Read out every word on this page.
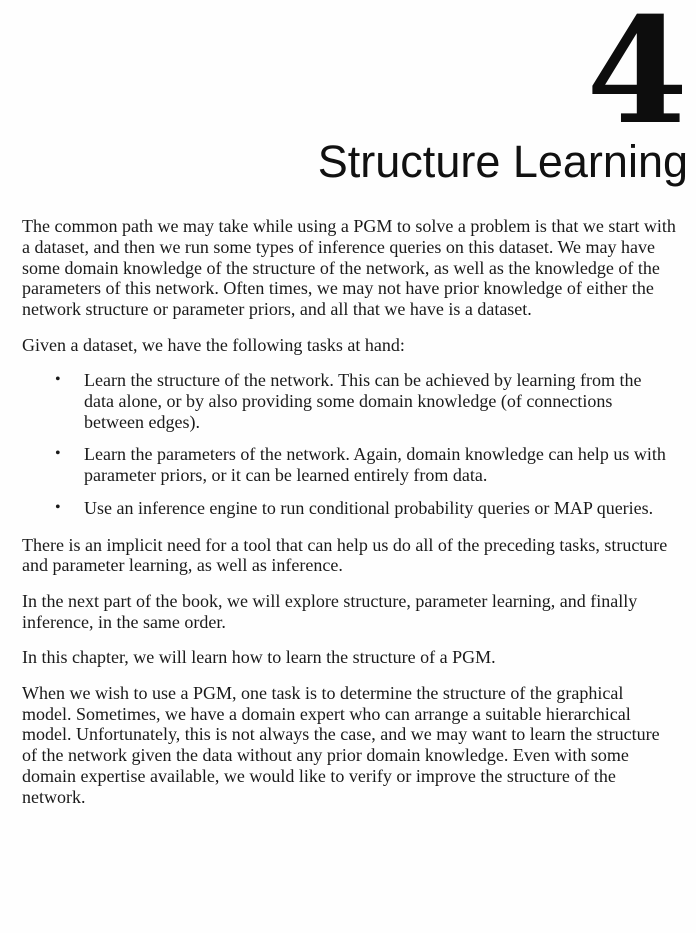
4
Structure Learning

The common path we may take while using a PGM to solve a problem is that we start with a dataset, and then we run some types of inference queries on this dataset. We may have some domain knowledge of the structure of the network, as well as the knowledge of the parameters of this network. Often times, we may not have prior knowledge of either the network structure or parameter priors, and all that we have is a dataset.

Given a dataset, we have the following tasks at hand:

•	Learn the structure of the network. This can be achieved by learning from the data alone, or by also providing some domain knowledge (of connections between edges).
•	Learn the parameters of the network. Again, domain knowledge can help us with parameter priors, or it can be learned entirely from data.
•	Use an inference engine to run conditional probability queries or MAP queries.

There is an implicit need for a tool that can help us do all of the preceding tasks, structure and parameter learning, as well as inference.

In the next part of the book, we will explore structure, parameter learning, and finally inference, in the same order.

In this chapter, we will learn how to learn the structure of a PGM.

When we wish to use a PGM, one task is to determine the structure of the graphical model. Sometimes, we have a domain expert who can arrange a suitable hierarchical model. Unfortunately, this is not always the case, and we may want to learn the structure of the network given the data without any prior domain knowledge. Even with some domain expertise available, we would like to verify or improve the structure of the network.
